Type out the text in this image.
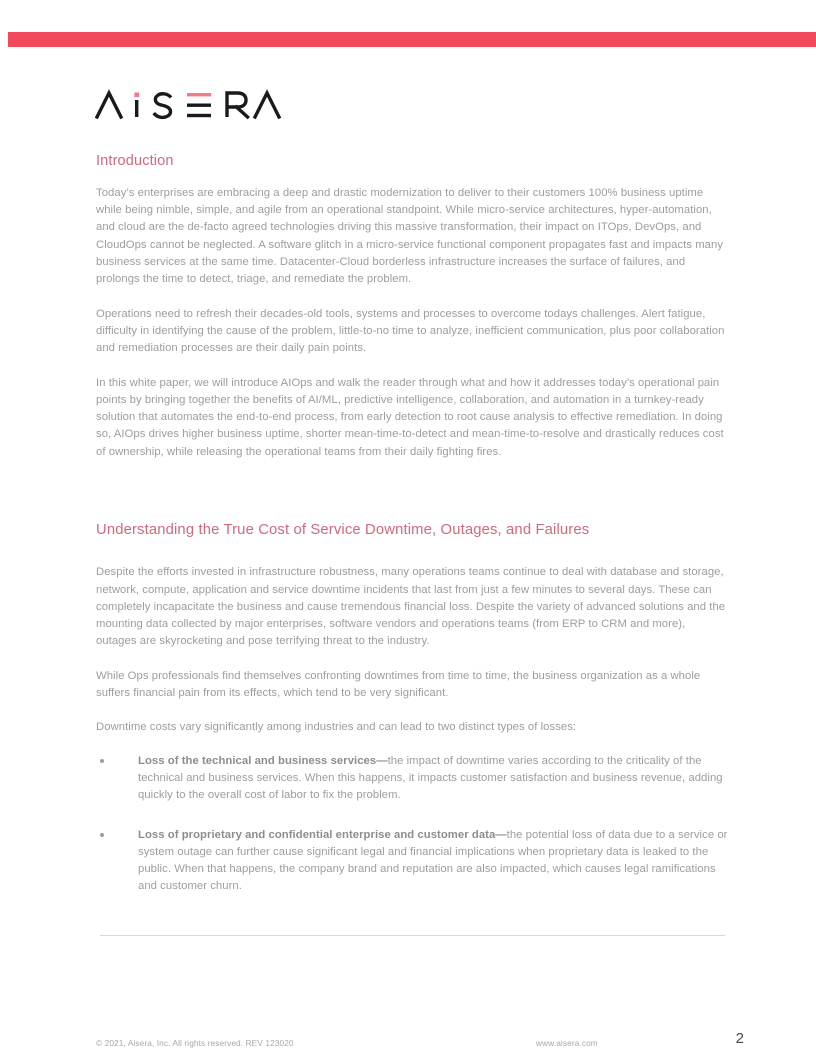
Introduction

Today’s enterprises are embracing a deep and drastic modernization to deliver to their customers 100% business uptime while being nimble, simple, and agile from an operational standpoint. While micro-service architectures, hyper-automation, and cloud are the de-facto agreed technologies driving this massive transformation, their impact on ITOps, DevOps, and CloudOps cannot be neglected. A software glitch in a micro-service functional component propagates fast and impacts many business services at the same time. Datacenter-Cloud borderless infrastructure increases the surface of failures, and prolongs the time to detect, triage, and remediate the problem.

Operations need to refresh their decades-old tools, systems and processes to overcome todays challenges. Alert fatigue, difficulty in identifying the cause of the problem, little-to-no time to analyze, inefficient communication, plus poor collaboration and remediation processes are their daily pain points.

In this white paper, we will introduce AIOps and walk the reader through what and how it addresses today’s operational pain points by bringing together the benefits of AI/ML, predictive intelligence, collaboration, and automation in a turnkey-ready solution that automates the end-to-end process, from early detection to root cause analysis to effective remediation. In doing so, AIOps drives higher business uptime, shorter mean-time-to-detect and mean-time-to-resolve and drastically reduces cost of ownership, while releasing the operational teams from their daily fighting fires.

Understanding the True Cost of Service Downtime, Outages, and Failures

Despite the efforts invested in infrastructure robustness, many operations teams continue to deal with database and storage, network, compute, application and service downtime incidents that last from just a few minutes to several days. These can completely incapacitate the business and cause tremendous financial loss. Despite the variety of advanced solutions and the mounting data collected by major enterprises, software vendors and operations teams (from ERP to CRM and more), outages are skyrocketing and pose terrifying threat to the industry.

While Ops professionals find themselves confronting downtimes from time to time, the business organization as a whole suffers financial pain from its effects, which tend to be very significant.

Downtime costs vary significantly among industries and can lead to two distinct types of losses:

Loss of the technical and business services—the impact of downtime varies according to the criticality of the technical and business services. When this happens, it impacts customer satisfaction and business revenue, adding quickly to the overall cost of labor to fix the problem.
Loss of proprietary and confidential enterprise and customer data—the potential loss of data due to a service or system outage can further cause significant legal and financial implications when proprietary data is leaked to the public. When that happens, the company brand and reputation are also impacted, which causes legal ramifications and customer churn.
© 2021, Aisera, Inc. All rights reserved. REV 123020	www.aisera.com	2
